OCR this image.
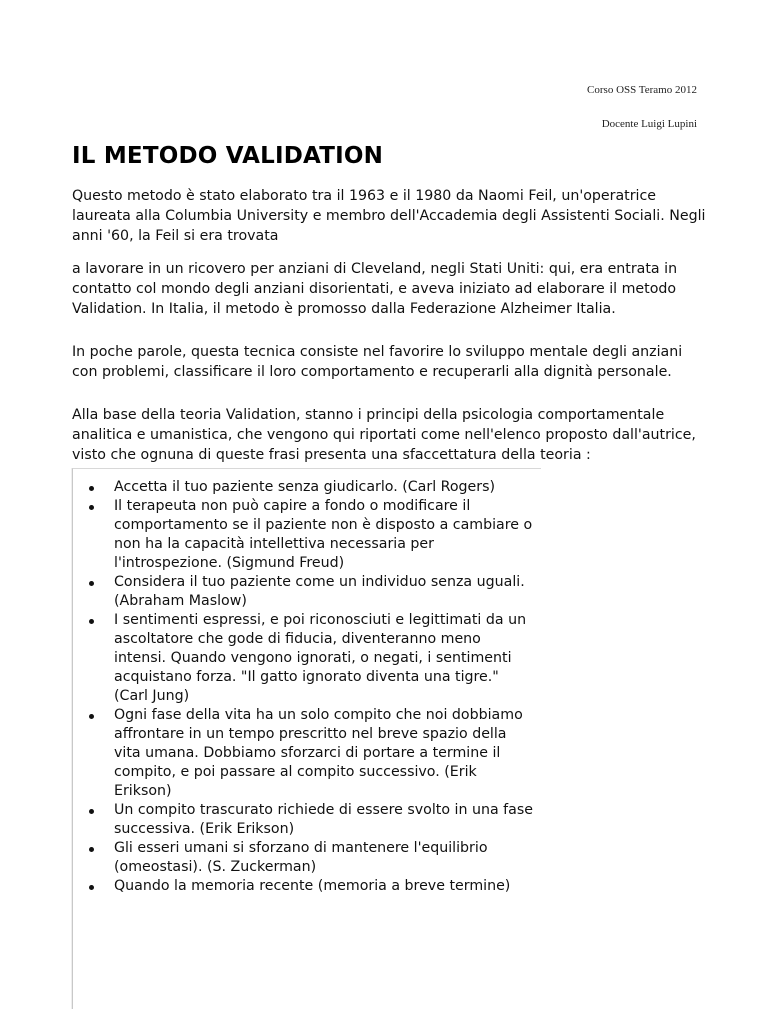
Corso OSS Teramo 2012
Docente Luigi Lupini
IL METODO VALIDATION

Questo metodo è stato elaborato tra il 1963 e il 1980 da Naomi Feil, un'operatrice laureata alla Columbia University e membro dell'Accademia degli Assistenti Sociali. Negli anni '60, la Feil si era trovata

a lavorare in un ricovero per anziani di Cleveland, negli Stati Uniti: qui, era entrata in contatto col mondo degli anziani disorientati, e aveva iniziato ad elaborare il metodo Validation. In Italia, il metodo è promosso dalla Federazione Alzheimer Italia.

In poche parole, questa tecnica consiste nel favorire lo sviluppo mentale degli anziani con problemi, classificare il loro comportamento e recuperarli alla dignità personale.

Alla base della teoria Validation, stanno i principi della psicologia comportamentale analitica e umanistica, che vengono qui riportati come nell'elenco proposto dall'autrice, visto che ognuna di queste frasi presenta una sfaccettatura della teoria :

Accetta il tuo paziente senza giudicarlo. (Carl Rogers)
Il terapeuta non può capire a fondo o modificare il comportamento se il paziente non è disposto a cambiare o non ha la capacità intellettiva necessaria per l'introspezione. (Sigmund Freud)
Considera il tuo paziente come un individuo senza uguali. (Abraham Maslow)
I sentimenti espressi, e poi riconosciuti e legittimati da un ascoltatore che gode di fiducia, diventeranno meno intensi. Quando vengono ignorati, o negati, i sentimenti acquistano forza. "Il gatto ignorato diventa una tigre." (Carl Jung)
Ogni fase della vita ha un solo compito che noi dobbiamo affrontare in un tempo prescritto nel breve spazio della vita umana. Dobbiamo sforzarci di portare a termine il compito, e poi passare al compito successivo. (Erik Erikson)
Un compito trascurato richiede di essere svolto in una fase successiva. (Erik Erikson)
Gli esseri umani si sforzano di mantenere l'equilibrio (omeostasi). (S. Zuckerman)
Quando la memoria recente (memoria a breve termine)
